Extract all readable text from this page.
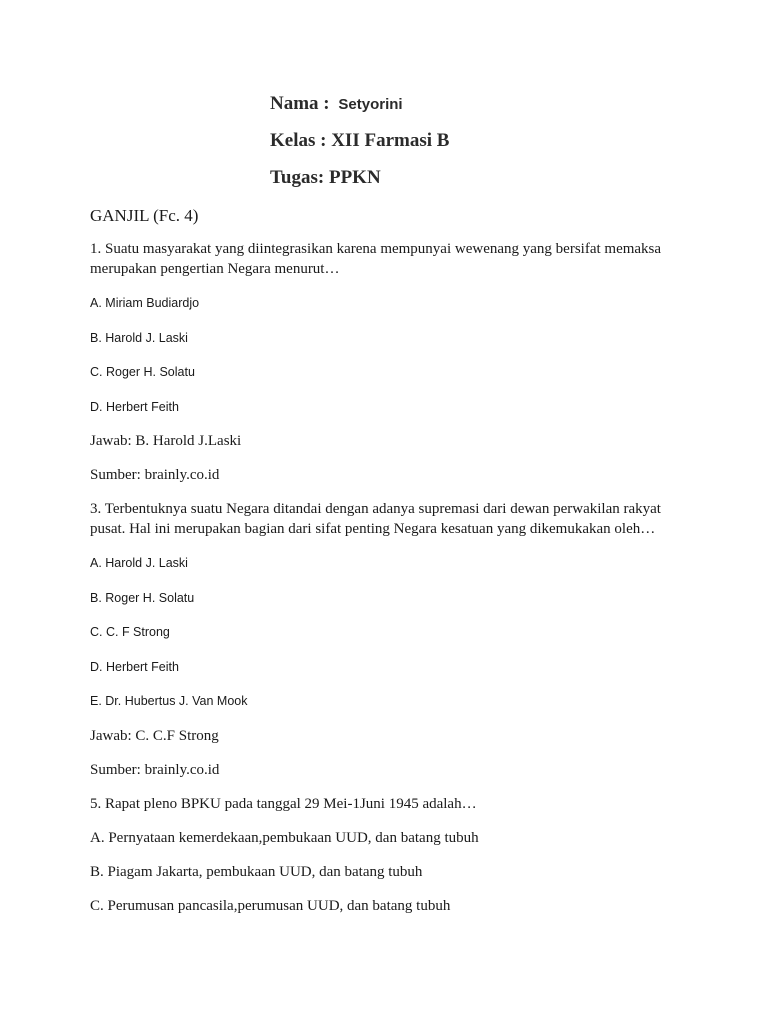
Nama : Setyorini
Kelas : XII Farmasi B
Tugas: PPKN
GANJIL (Fc. 4)
1. Suatu masyarakat yang diintegrasikan karena mempunyai wewenang yang bersifat memaksa
merupakan pengertian Negara menurut…
A. Miriam Budiardjo
B. Harold J. Laski
C. Roger H. Solatu
D. Herbert Feith
Jawab: B. Harold J.Laski
Sumber: brainly.co.id
3. Terbentuknya suatu Negara ditandai dengan adanya supremasi dari dewan perwakilan rakyat
pusat. Hal ini merupakan bagian dari sifat penting Negara kesatuan yang dikemukakan oleh…
A. Harold J. Laski
B. Roger H. Solatu
C. C. F Strong
D. Herbert Feith
E. Dr. Hubertus J. Van Mook
Jawab: C. C.F Strong
Sumber: brainly.co.id
5. Rapat pleno BPKU pada tanggal 29 Mei-1Juni 1945 adalah…
A. Pernyataan kemerdekaan,pembukaan UUD, dan batang tubuh
B. Piagam Jakarta, pembukaan UUD, dan batang tubuh
C. Perumusan pancasila,perumusan UUD, dan batang tubuh
